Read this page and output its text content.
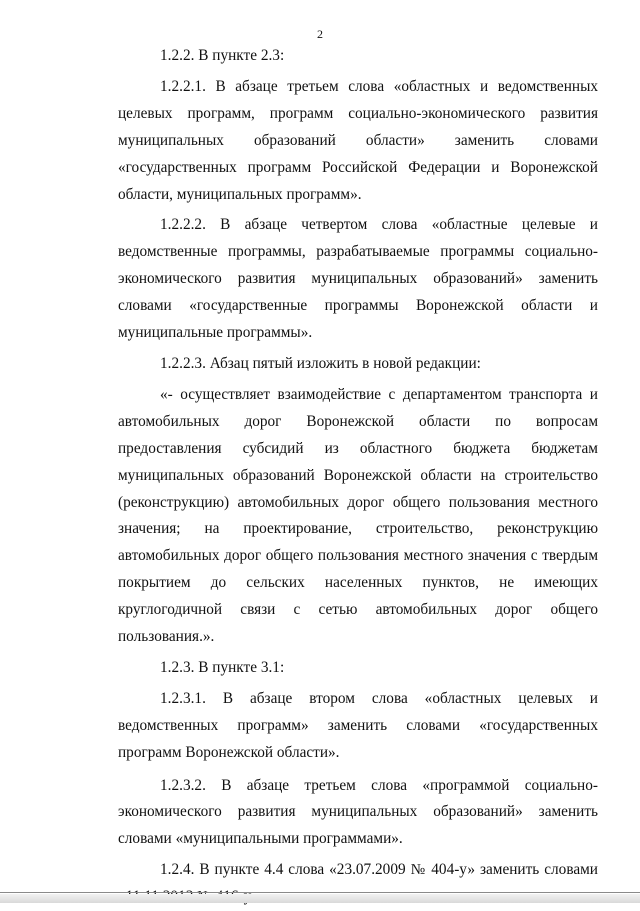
2

1.2.2. В пункте 2.3:

1.2.2.1. В абзаце третьем слова «областных и ведомственных целевых программ, программ социально-экономического развития муниципальных образований области» заменить словами «государственных программ Российской Федерации и Воронежской области, муниципальных программ».

1.2.2.2. В абзаце четвертом слова «областные целевые и ведомственные программы, разрабатываемые программы социально-экономического развития муниципальных образований» заменить словами «государственные программы Воронежской области и муниципальные программы».

1.2.2.3. Абзац пятый изложить в новой редакции:

«- осуществляет взаимодействие с департаментом транспорта и автомобильных дорог Воронежской области по вопросам предоставления субсидий из областного бюджета бюджетам муниципальных образований Воронежской области на строительство (реконструкцию) автомобильных дорог общего пользования местного значения; на проектирование, строительство, реконструкцию автомобильных дорог общего пользования местного значения с твердым покрытием до сельских населенных пунктов, не имеющих круглогодичной связи с сетью автомобильных дорог общего пользования.».

1.2.3. В пункте 3.1:

1.2.3.1. В абзаце втором слова «областных целевых и ведомственных программ» заменить словами «государственных программ Воронежской области».

1.2.3.2. В абзаце третьем слова «программой социально-экономического развития муниципальных образований» заменить словами «муниципальными программами».

1.2.4. В пункте 4.4 слова «23.07.2009 № 404-у» заменить словами
